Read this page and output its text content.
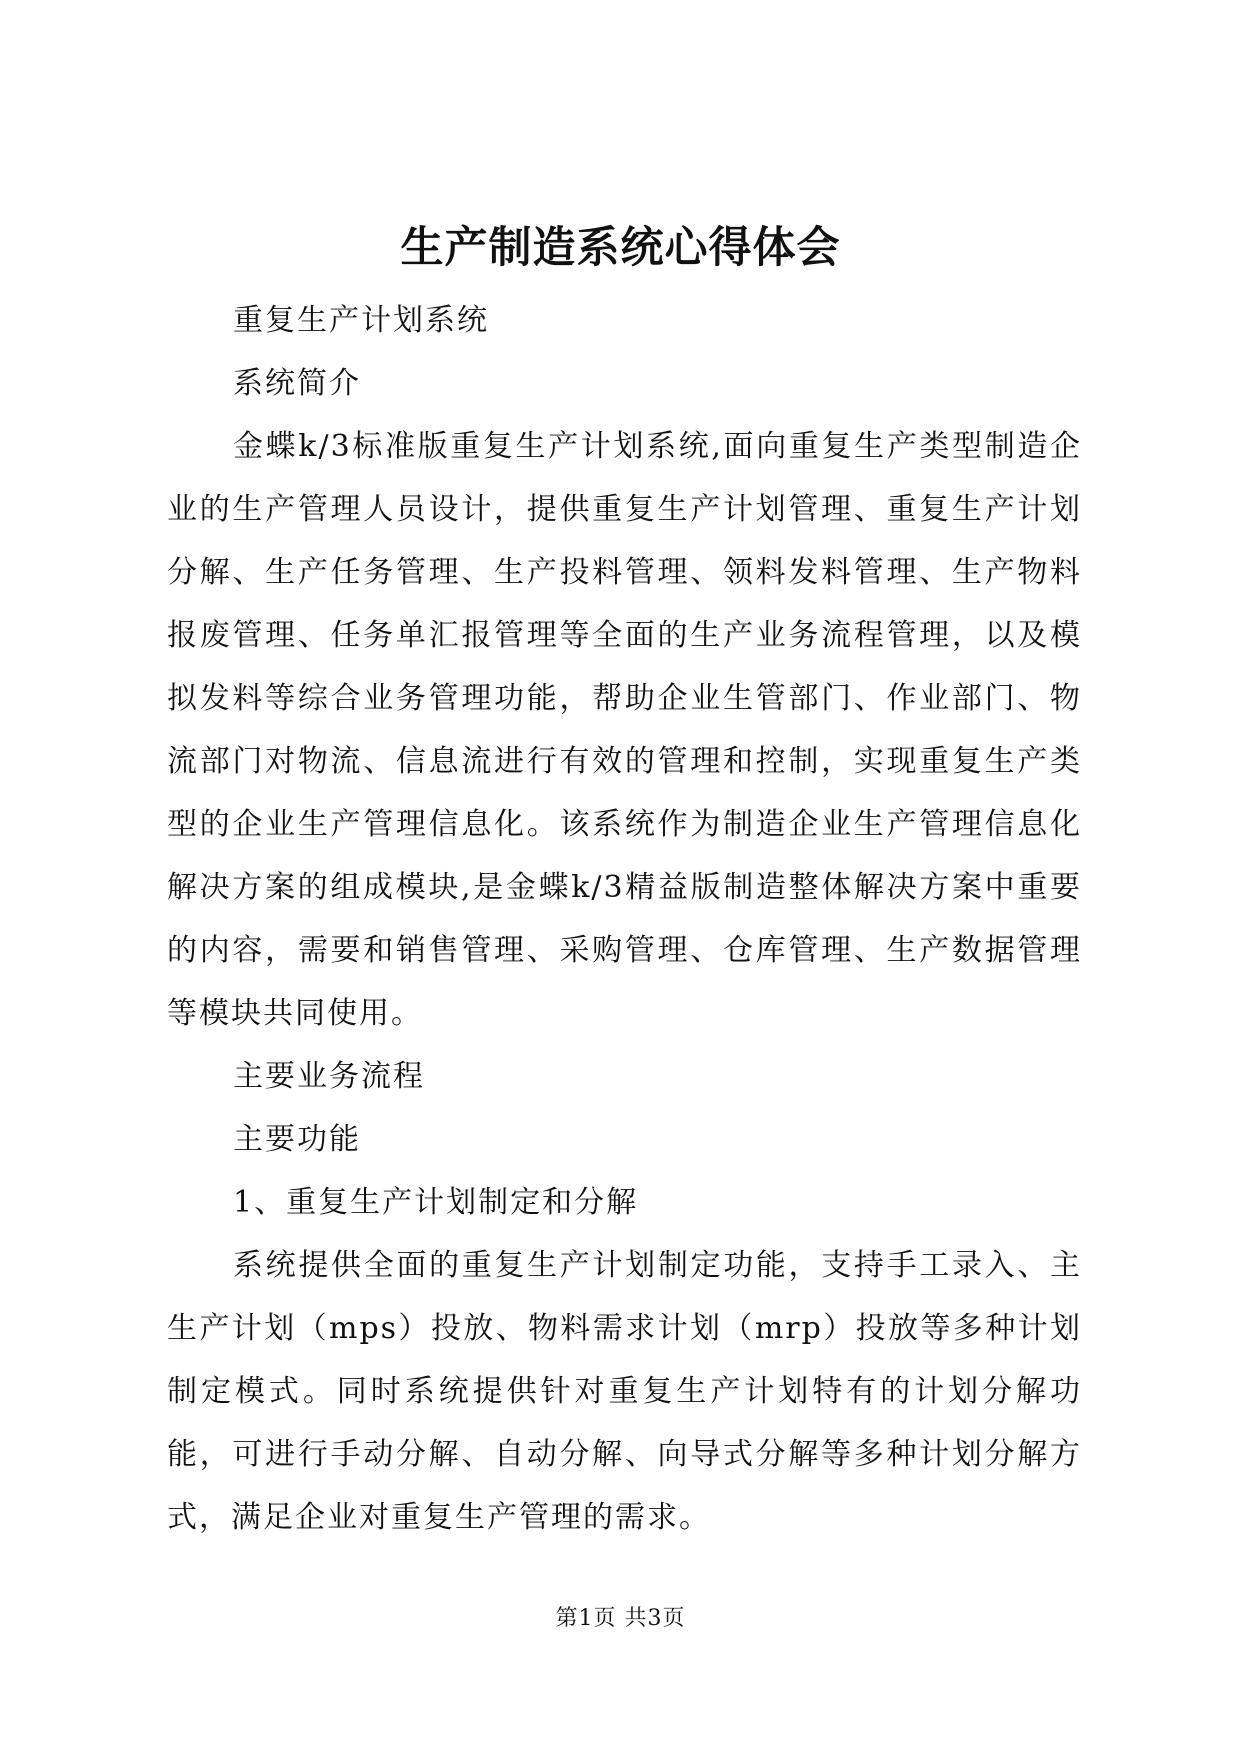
生产制造系统心得体会

重复生产计划系统

系统简介

金蝶k/3标准版重复生产计划系统,面向重复生产类型制造企业的生产管理人员设计，提供重复生产计划管理、重复生产计划分解、生产任务管理、生产投料管理、领料发料管理、生产物料报废管理、任务单汇报管理等全面的生产业务流程管理，以及模拟发料等综合业务管理功能，帮助企业生管部门、作业部门、物流部门对物流、信息流进行有效的管理和控制，实现重复生产类型的企业生产管理信息化。该系统作为制造企业生产管理信息化解决方案的组成模块,是金蝶k/3精益版制造整体解决方案中重要的内容，需要和销售管理、采购管理、仓库管理、生产数据管理等模块共同使用。

主要业务流程

主要功能

1、重复生产计划制定和分解

系统提供全面的重复生产计划制定功能，支持手工录入、主生产计划（mps）投放、物料需求计划（mrp）投放等多种计划制定模式。同时系统提供针对重复生产计划特有的计划分解功能，可进行手动分解、自动分解、向导式分解等多种计划分解方式，满足企业对重复生产管理的需求。

第1页 共3页
